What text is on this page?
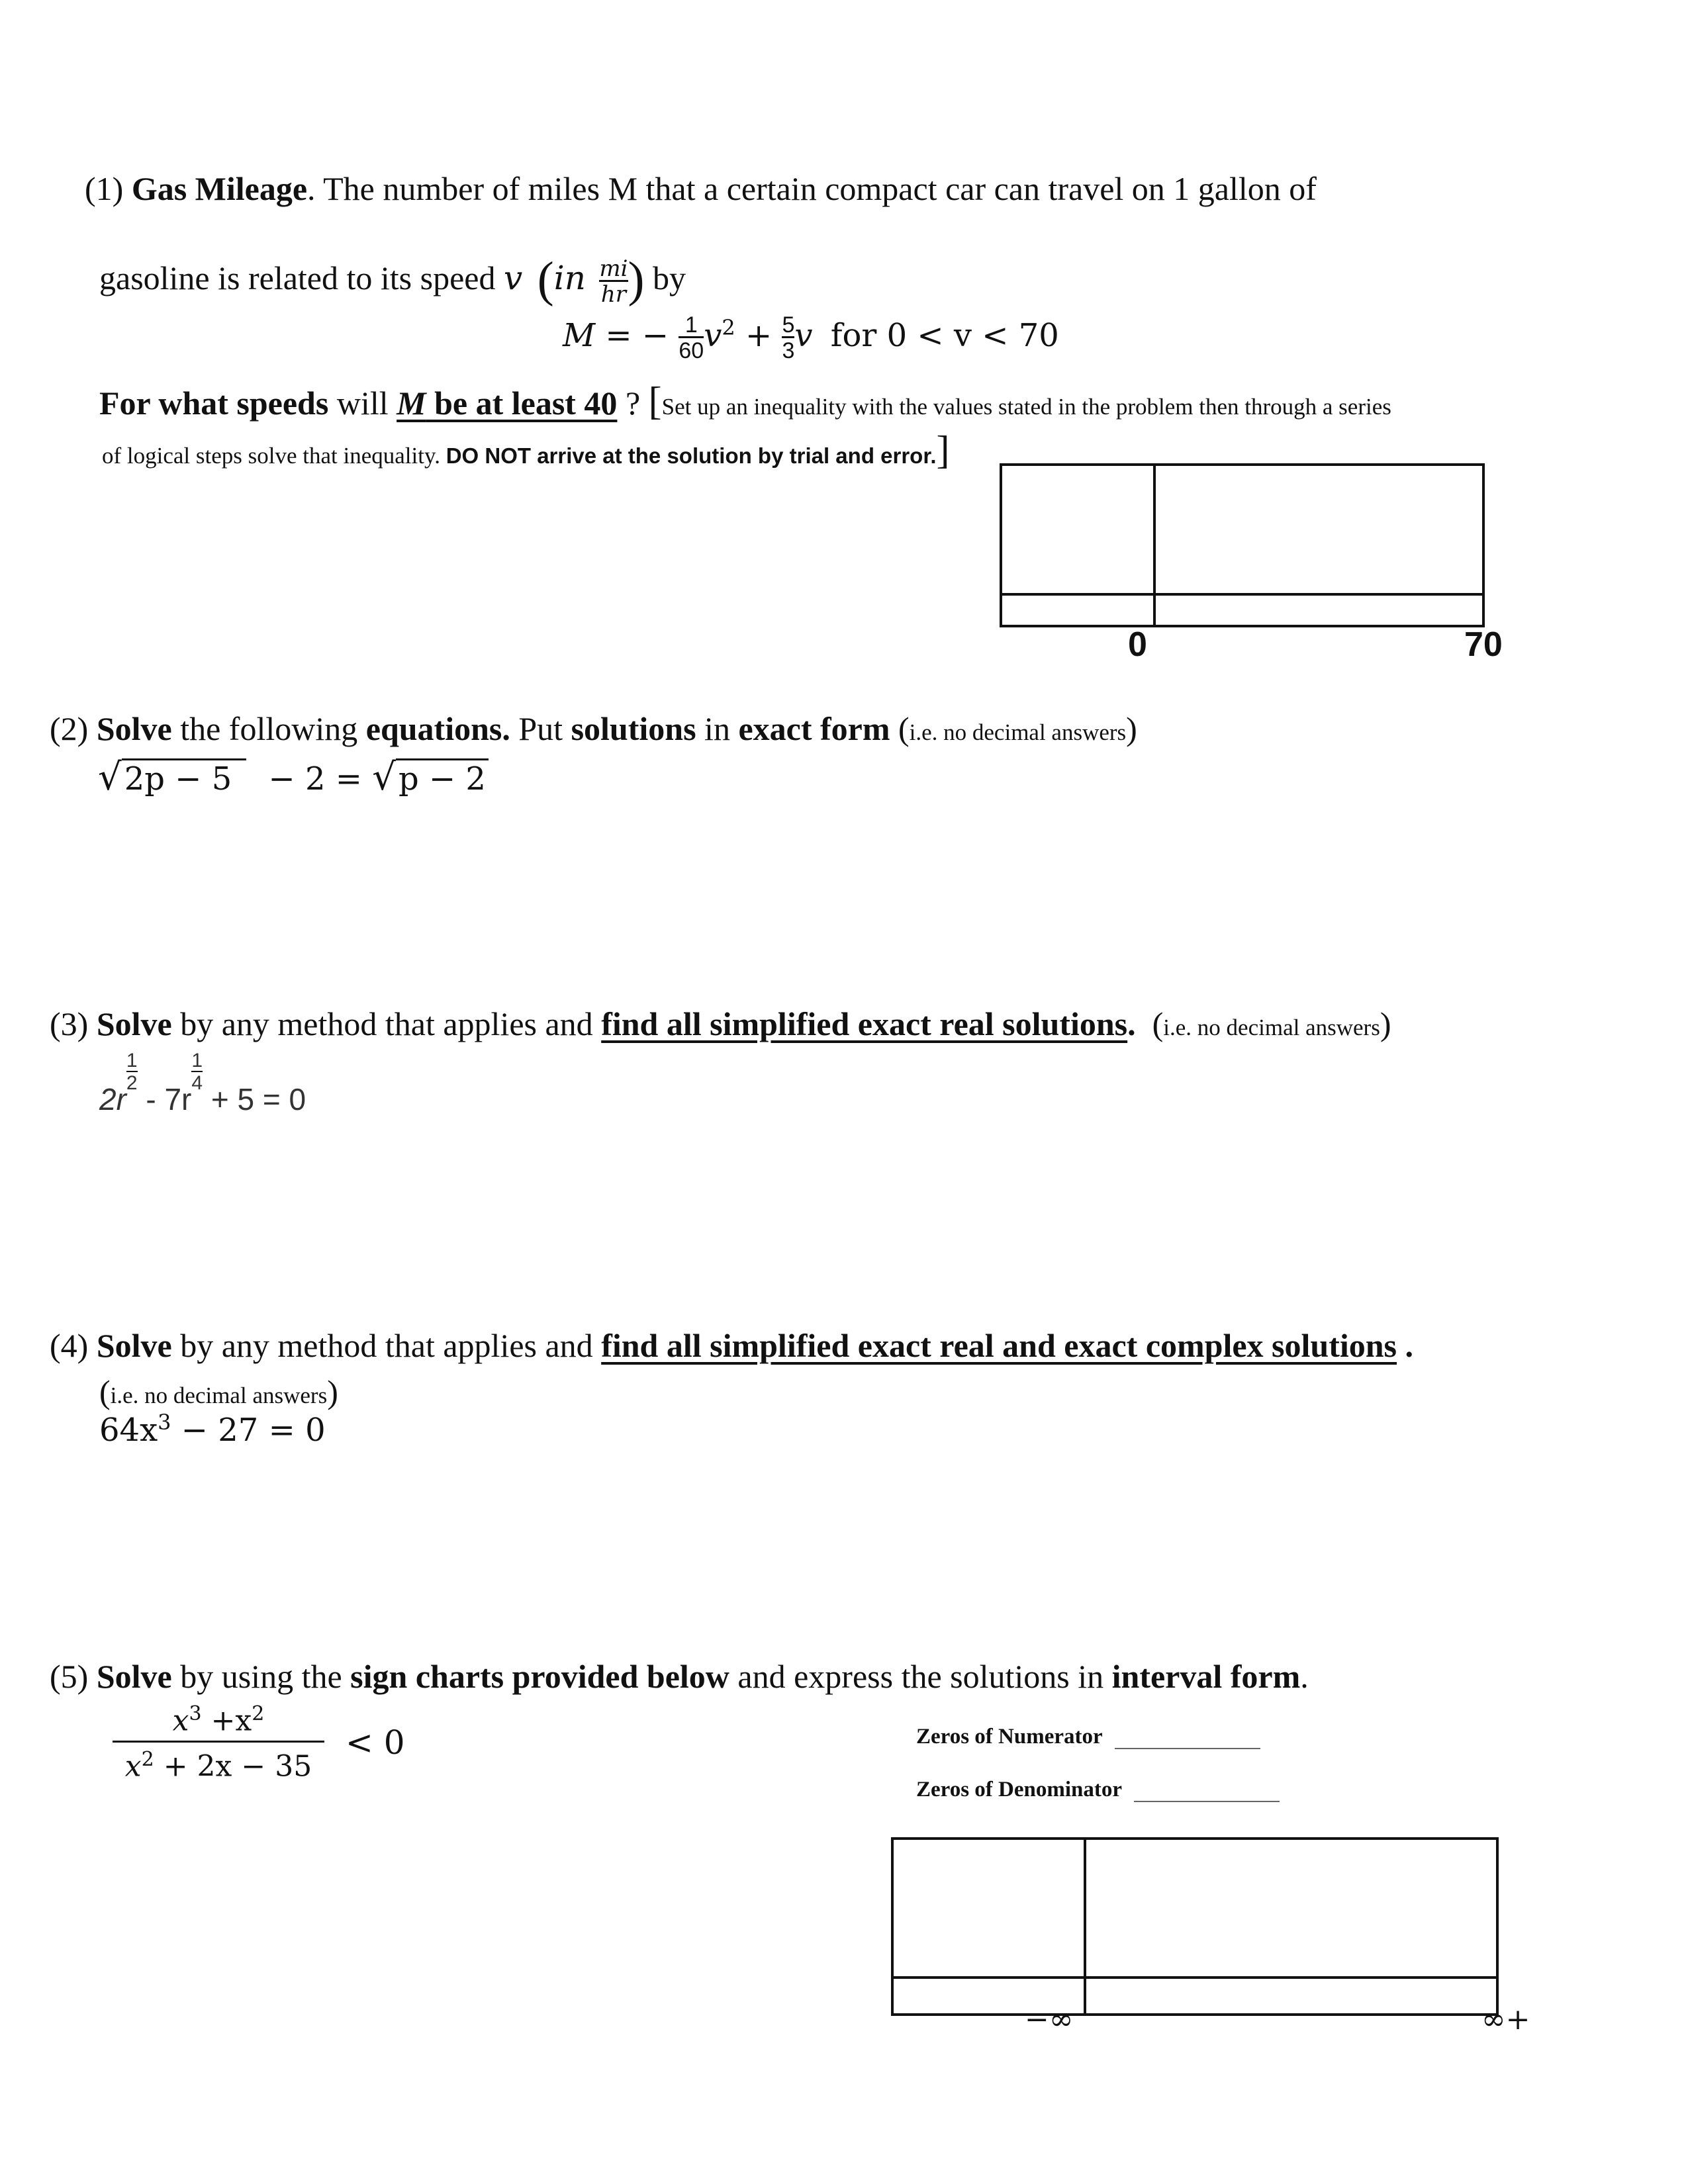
(1) Gas Mileage. The number of miles M that a certain compact car can travel on 1 gallon of
gasoline is related to its speed v ($in \frac{mi}{hr}$ ) by
M = − $\frac{1}{60} v^2 + \frac{5}{3}$ v for 0 < v < 70
For what speeds will M be at least 40 ? [Set up an inequality with the values stated in the problem then through a series
of logical steps solve that inequality. DO NOT arrive at the solution by trial and error.]
0	70
(2) Solve the following equations. Put solutions in exact form (i.e. no decimal answers)
√2p − 5 − 2 = √p − 2
(3) Solve by any method that applies and find all simplified exact real solutions.  (i.e. no decimal answers)
2r
$\frac{1}{2}$
- 7r
$\frac{1}{4}$
+ 5 = 0
(4) Solve by any method that applies and find all simplified exact real and exact complex solutions .
(i.e. no decimal answers)
$64x^3 - 27 = 0$
(5) Solve by using the sign charts provided below and express the solutions in interval form.
$\frac{x^3 +x^2}{x^2 + 2x - 35} < 0$	Zeros of Numerator
Zeros of Denominator
−∞	∞+
